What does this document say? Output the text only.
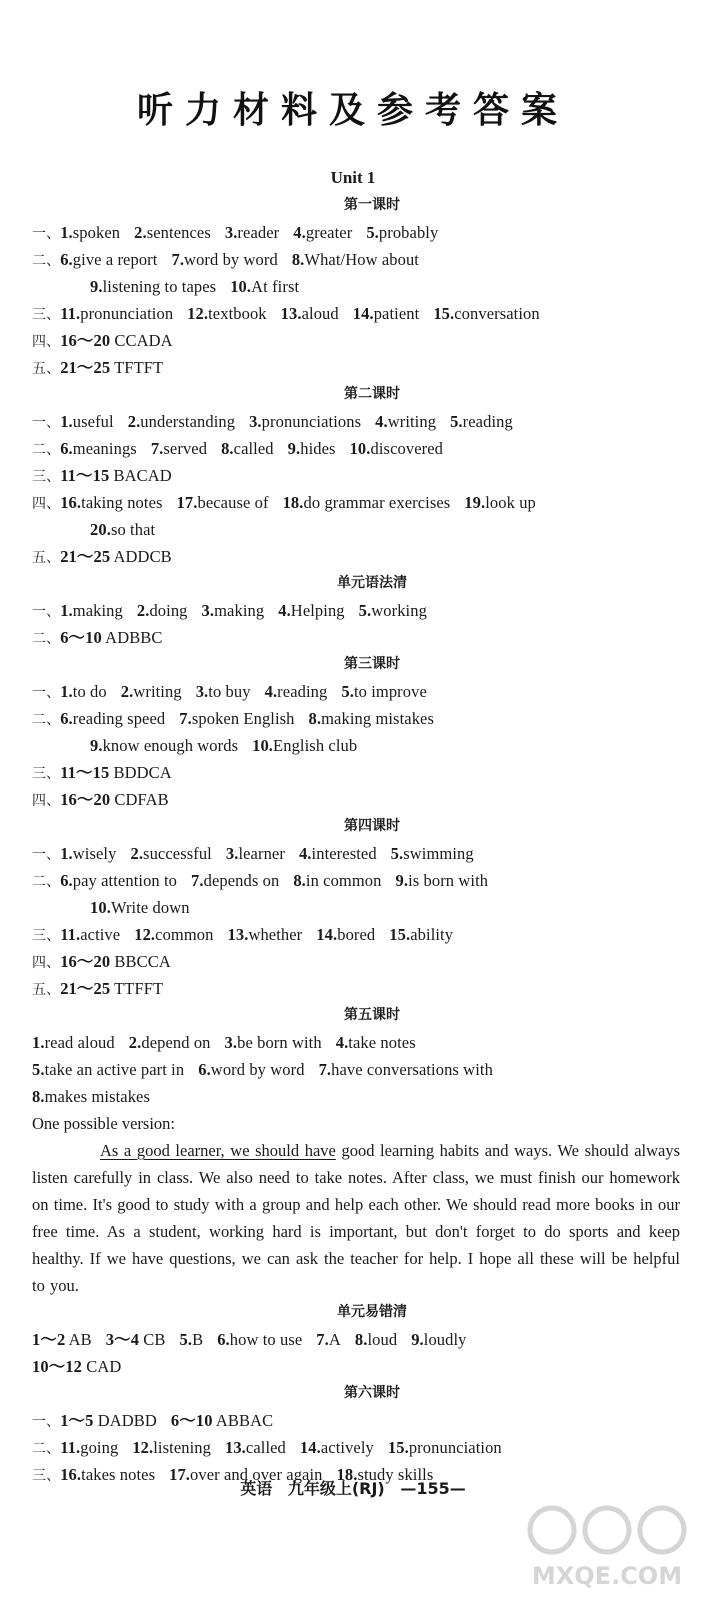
听力材料及参考答案
Unit 1
第一课时
一、1.spoken 2.sentences 3.reader 4.greater 5.probably
二、6.give a report 7.word by word 8.What/How about
9.listening to tapes 10.At first
三、11.pronunciation 12.textbook 13.aloud 14.patient 15.conversation
四、16～20 CCADA
五、21～25 TFTFT
第二课时
一、1.useful 2.understanding 3.pronunciations 4.writing 5.reading
二、6.meanings 7.served 8.called 9.hides 10.discovered
三、11～15 BACAD
四、16.taking notes 17.because of 18.do grammar exercises 19.look up
20.so that
五、21～25 ADDCB
单元语法清
一、1.making 2.doing 3.making 4.Helping 5.working
二、6～10 ADBBC
第三课时
一、1.to do 2.writing 3.to buy 4.reading 5.to improve
二、6.reading speed 7.spoken English 8.making mistakes
9.know enough words 10.English club
三、11～15 BDDCA
四、16～20 CDFAB
第四课时
一、1.wisely 2.successful 3.learner 4.interested 5.swimming
二、6.pay attention to 7.depends on 8.in common 9.is born with
10.Write down
三、11.active 12.common 13.whether 14.bored 15.ability
四、16～20 BBCCA
五、21～25 TTFFT
第五课时
1.read aloud 2.depend on 3.be born with 4.take notes
5.take an active part in 6.word by word 7.have conversations with
8.makes mistakes
One possible version:
As a good learner, we should have good learning habits and ways. We should always listen carefully in class. We also need to take notes. After class, we must finish our homework on time. It's good to study with a group and help each other. We should read more books in our free time. As a student, working hard is important, but don't forget to do sports and keep healthy. If we have questions, we can ask the teacher for help. I hope all these will be helpful to you.
单元易错清
1～2 AB 3～4 CB 5.B 6.how to use 7.A 8.loud 9.loudly
10～12 CAD
第六课时
一、1～5 DADBD 6～10 ABBAC
二、11.going 12.listening 13.called 14.actively 15.pronunciation
三、16.takes notes 17.over and over again 18.study skills
英语 九年级上(RJ) —155—
MXQE.COM
